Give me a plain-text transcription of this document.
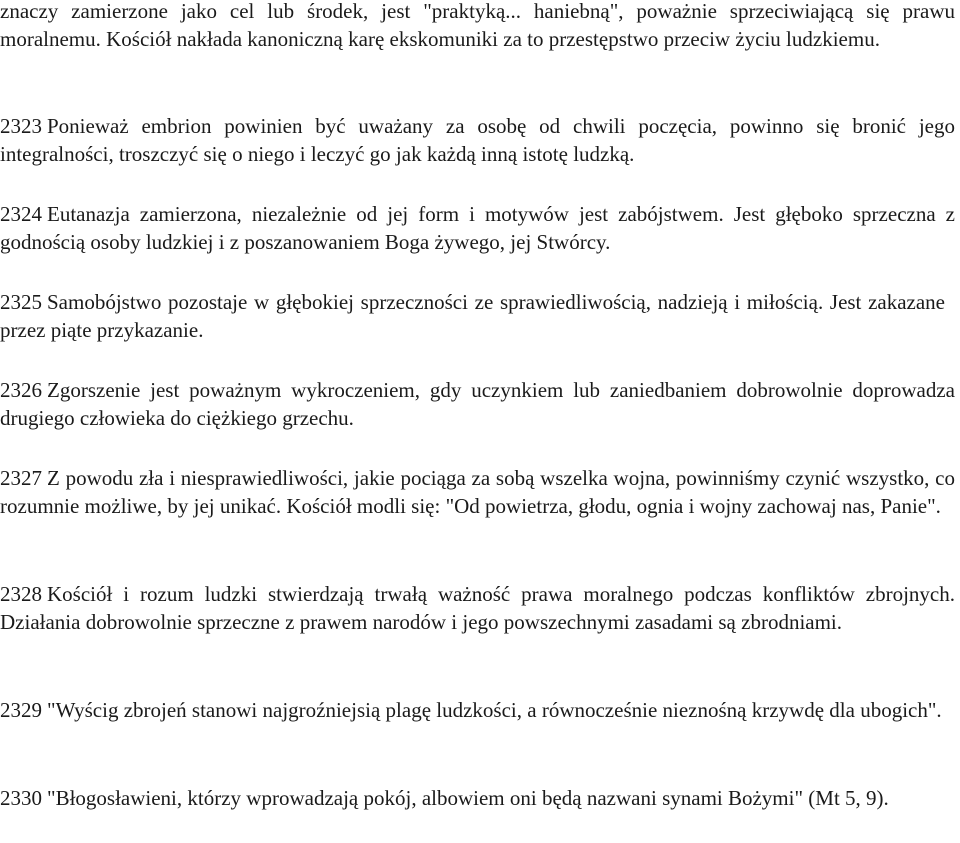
znaczy zamierzone jako cel lub środek, jest "praktyką... haniebną", poważnie sprzeciwiającą się prawu moralnemu. Kościół nakłada kanoniczną karę ekskomuniki za to przestępstwo przeciw życiu ludzkiemu.

2323 Ponieważ embrion powinien być uważany za osobę od chwili poczęcia, powinno się bronić jego integralności, troszczyć się o niego i leczyć go jak każdą inną istotę ludzką.

2324 Eutanazja zamierzona, niezależnie od jej form i motywów jest zabójstwem. Jest głęboko sprzeczna z godnością osoby ludzkiej i z poszanowaniem Boga żywego, jej Stwórcy.

2325 Samobójstwo pozostaje w głębokiej sprzeczności ze sprawiedliwością, nadzieją i miłością. Jest zakazane przez piąte przykazanie.

2326 Zgorszenie jest poważnym wykroczeniem, gdy uczynkiem lub zaniedbaniem dobrowolnie doprowadza drugiego człowieka do ciężkiego grzechu.

2327 Z powodu zła i niesprawiedliwości, jakie pociąga za sobą wszelka wojna, powinniśmy czynić wszystko, co rozumnie możliwe, by jej unikać. Kościół modli się: "Od powietrza, głodu, ognia i wojny zachowaj nas, Panie".

2328 Kościół i rozum ludzki stwierdzają trwałą ważność prawa moralnego podczas konfliktów zbrojnych. Działania dobrowolnie sprzeczne z prawem narodów i jego powszechnymi zasadami są zbrodniami.

2329 "Wyścig zbrojeń stanowi najgroźniejsią plagę ludzkości, a równocześnie nieznośną krzywdę dla ubogich".

2330 "Błogosławieni, którzy wprowadzają pokój, albowiem oni będą nazwani synami Bożymi" (Mt 5, 9).
